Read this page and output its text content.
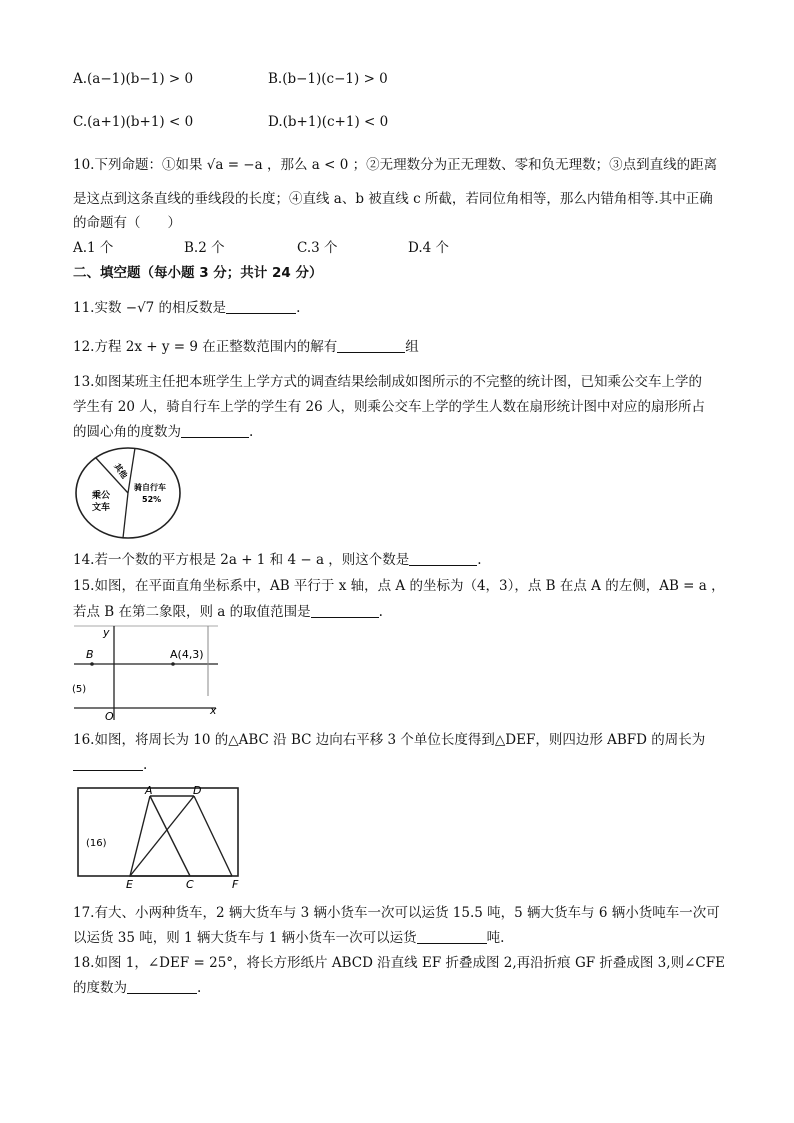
A.(a−1)(b−1) > 0	B.(b−1)(c−1) > 0
C.(a+1)(b+1) < 0	D.(b+1)(c+1) < 0
10.下列命题：①如果 √a = −a ，那么 a < 0 ；②无理数分为正无理数、零和负无理数；③点到直线的距离
是这点到这条直线的垂线段的长度；④直线 a、b 被直线 c 所截，若同位角相等，那么内错角相等.其中正确
的命题有（　　）
A.1 个	B.2 个	C.3 个	D.4 个
二、填空题（每小题 3 分；共计 24 分）
11.实数 −√7 的相反数是	.
12.方程 2x + y = 9 在正整数范围内的解有	组
13.如图某班主任把本班学生上学方式的调查结果绘制成如图所示的不完整的统计图，已知乘公交车上学的
学生有 20 人，骑自行车上学的学生有 26 人，则乘公交车上学的学生人数在扇形统计图中对应的扇形所占
的圆心角的度数为	.
其他
乘公
文车
骑自行车
52%
14.若一个数的平方根是 2a + 1 和 4 − a ，则这个数是	.
15.如图，在平面直角坐标系中，AB 平行于 x 轴，点 A 的坐标为（4，3），点 B 在点 A 的左侧，AB = a ，
若点 B 在第二象限，则 a 的取值范围是	.
y
x
O
B	A(4,3)
(5)
16.如图，将周长为 10 的△ABC 沿 BC 边向右平移 3 个单位长度得到△DEF，则四边形 ABFD 的周长为
.
A	D
E	C	F
(16)
17.有大、小两种货车，2 辆大货车与 3 辆小货车一次可以运货 15.5 吨，5 辆大货车与 6 辆小货吨车一次可
以运货 35 吨，则 1 辆大货车与 1 辆小货车一次可以运货	吨.
18.如图 1，∠DEF = 25°，将长方形纸片 ABCD 沿直线 EF 折叠成图 2,再沿折痕 GF 折叠成图 3,则∠CFE
的度数为	.
